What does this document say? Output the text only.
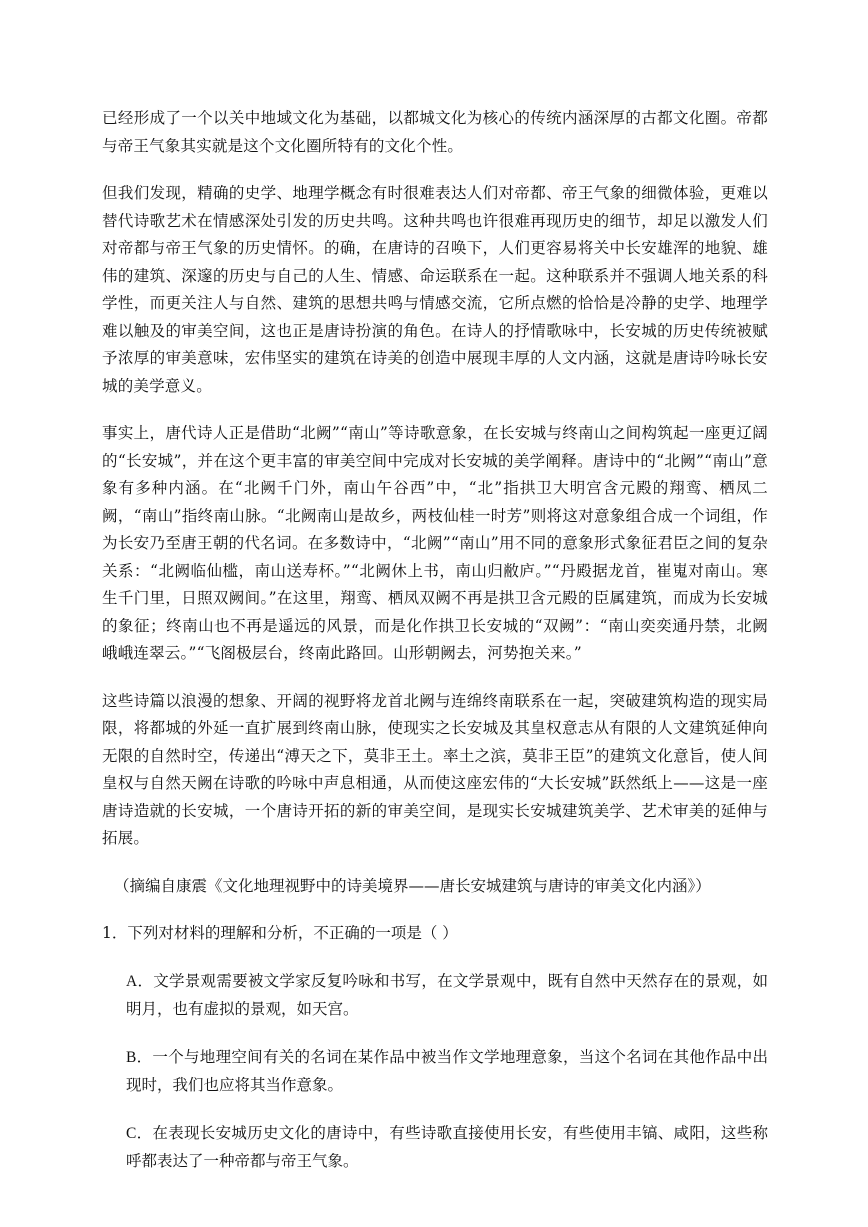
已经形成了一个以关中地域文化为基础，以都城文化为核心的传统内涵深厚的古都文化圈。帝都与帝王气象其实就是这个文化圈所特有的文化个性。

但我们发现，精确的史学、地理学概念有时很难表达人们对帝都、帝王气象的细微体验，更难以替代诗歌艺术在情感深处引发的历史共鸣。这种共鸣也许很难再现历史的细节，却足以激发人们对帝都与帝王气象的历史情怀。的确，在唐诗的召唤下，人们更容易将关中长安雄浑的地貌、雄伟的建筑、深邃的历史与自己的人生、情感、命运联系在一起。这种联系并不强调人地关系的科学性，而更关注人与自然、建筑的思想共鸣与情感交流，它所点燃的恰恰是冷静的史学、地理学难以触及的审美空间，这也正是唐诗扮演的角色。在诗人的抒情歌咏中，长安城的历史传统被赋予浓厚的审美意味，宏伟坚实的建筑在诗美的创造中展现丰厚的人文内涵，这就是唐诗吟咏长安城的美学意义。

事实上，唐代诗人正是借助“北阙”“南山”等诗歌意象，在长安城与终南山之间构筑起一座更辽阔的“长安城”，并在这个更丰富的审美空间中完成对长安城的美学阐释。唐诗中的“北阙”“南山”意象有多种内涵。在“北阙千门外，南山午谷西”中，“北”指拱卫大明宫含元殿的翔鸾、栖凤二阙，“南山”指终南山脉。“北阙南山是故乡，两枝仙桂一时芳”则将这对意象组合成一个词组，作为长安乃至唐王朝的代名词。在多数诗中，“北阙”“南山”用不同的意象形式象征君臣之间的复杂关系：“北阙临仙槛，南山送寿杯。”“北阙休上书，南山归敝庐。”“丹殿据龙首，崔嵬对南山。寒生千门里，日照双阙间。”在这里，翔鸾、栖凤双阙不再是拱卫含元殿的臣属建筑，而成为长安城的象征；终南山也不再是遥远的风景，而是化作拱卫长安城的“双阙”：“南山奕奕通丹禁，北阙峨峨连翠云。”“飞阁极层台，终南此路回。山形朝阙去，河势抱关来。”

这些诗篇以浪漫的想象、开阔的视野将龙首北阙与连绵终南联系在一起，突破建筑构造的现实局限，将都城的外延一直扩展到终南山脉，使现实之长安城及其皇权意志从有限的人文建筑延伸向无限的自然时空，传递出“溥天之下，莫非王土。率土之滨，莫非王臣”的建筑文化意旨，使人间皇权与自然天阙在诗歌的吟咏中声息相通，从而使这座宏伟的“大长安城”跃然纸上——这是一座唐诗造就的长安城，一个唐诗开拓的新的审美空间，是现实长安城建筑美学、艺术审美的延伸与拓展。

（摘编自康震《文化地理视野中的诗美境界——唐长安城建筑与唐诗的审美文化内涵》）

1．下列对材料的理解和分析，不正确的一项是（ ）

A．文学景观需要被文学家反复吟咏和书写，在文学景观中，既有自然中天然存在的景观，如明月，也有虚拟的景观，如天宫。

B．一个与地理空间有关的名词在某作品中被当作文学地理意象，当这个名词在其他作品中出现时，我们也应将其当作意象。

C．在表现长安城历史文化的唐诗中，有些诗歌直接使用长安，有些使用丰镐、咸阳，这些称呼都表达了一种帝都与帝王气象。
